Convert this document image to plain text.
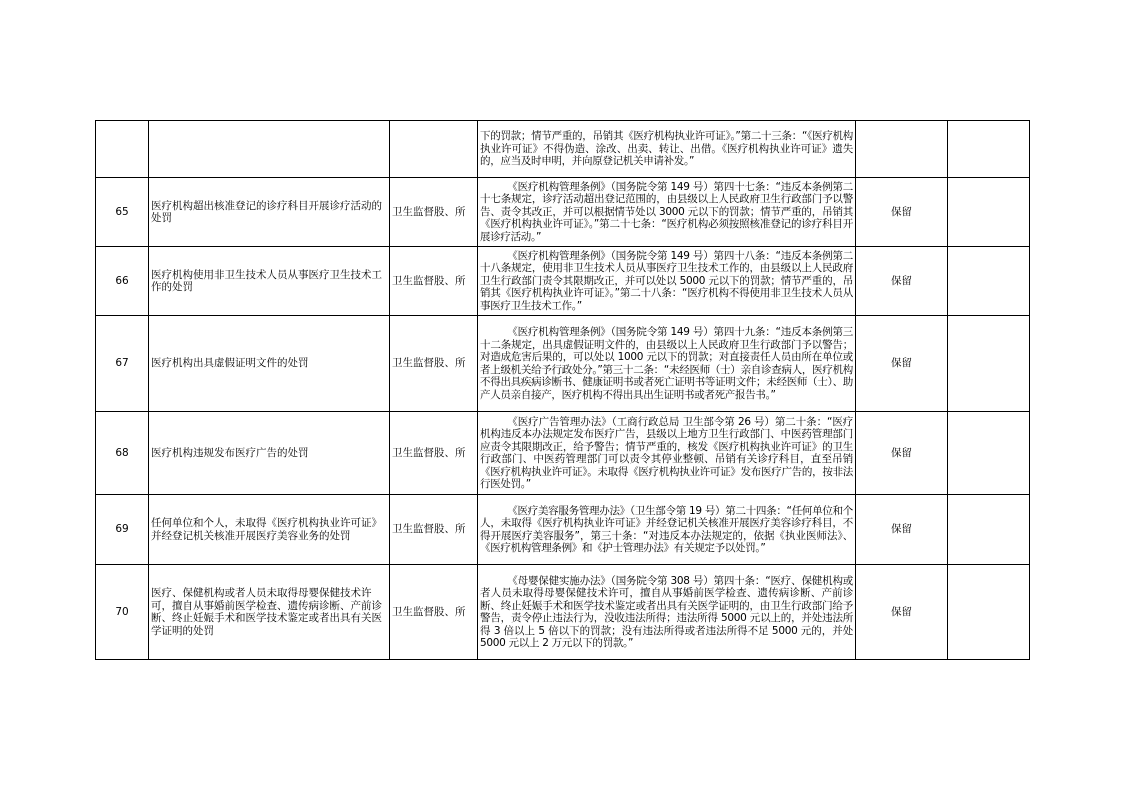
			下的罚款；情节严重的，吊销其《医疗机构执业许可证》。”第二十三条：“《医疗机构执业许可证》不得伪造、涂改、出卖、转让、出借。《医疗机构执业许可证》遗失的，应当及时申明，并向原登记机关申请补发。”		

65	医疗机构超出核准登记的诊疗科目开展诊疗活动的处罚	卫生监督股、所	《医疗机构管理条例》（国务院令第 149 号）第四十七条：“违反本条例第二十七条规定，诊疗活动超出登记范围的，由县级以上人民政府卫生行政部门予以警告、责令其改正，并可以根据情节处以 3000 元以下的罚款；情节严重的，吊销其《医疗机构执业许可证》。”第二十七条：“医疗机构必须按照核准登记的诊疗科目开展诊疗活动。”	保留	
66	医疗机构使用非卫生技术人员从事医疗卫生技术工作的处罚	卫生监督股、所	《医疗机构管理条例》（国务院令第 149 号）第四十八条：“违反本条例第二十八条规定，使用非卫生技术人员从事医疗卫生技术工作的，由县级以上人民政府卫生行政部门责令其限期改正，并可以处以 5000 元以下的罚款；情节严重的，吊销其《医疗机构执业许可证》。”第二十八条：“医疗机构不得使用非卫生技术人员从事医疗卫生技术工作。”	保留	
67	医疗机构出具虚假证明文件的处罚	卫生监督股、所	《医疗机构管理条例》（国务院令第 149 号）第四十九条：“违反本条例第三十二条规定，出具虚假证明文件的，由县级以上人民政府卫生行政部门予以警告；对造成危害后果的，可以处以 1000 元以下的罚款；对直接责任人员由所在单位或者上级机关给予行政处分。”第三十二条：“未经医师（士）亲自诊查病人，医疗机构不得出具疾病诊断书、健康证明书或者死亡证明书等证明文件；未经医师（士）、助产人员亲自接产，医疗机构不得出具出生证明书或者死产报告书。”	保留	
68	医疗机构违规发布医疗广告的处罚	卫生监督股、所	《医疗广告管理办法》（工商行政总局 卫生部令第 26 号）第二十条：“医疗机构违反本办法规定发布医疗广告，县级以上地方卫生行政部门、中医药管理部门应责令其限期改正，给予警告；情节严重的，核发《医疗机构执业许可证》的卫生行政部门、中医药管理部门可以责令其停业整顿、吊销有关诊疗科目，直至吊销《医疗机构执业许可证》。未取得《医疗机构执业许可证》发布医疗广告的，按非法行医处罚。”	保留	
69	任何单位和个人，未取得《医疗机构执业许可证》并经登记机关核准开展医疗美容业务的处罚	卫生监督股、所	《医疗美容服务管理办法》（卫生部令第 19 号）第二十四条：“任何单位和个人，未取得《医疗机构执业许可证》并经登记机关核准开展医疗美容诊疗科目，不得开展医疗美容服务”，第三十条：“对违反本办法规定的，依据《执业医师法》、《医疗机构管理条例》和《护士管理办法》有关规定予以处罚。”	保留	
70	医疗、保健机构或者人员未取得母婴保健技术许可，擅自从事婚前医学检查、遗传病诊断、产前诊断、终止妊娠手术和医学技术鉴定或者出具有关医学证明的处罚	卫生监督股、所	《母婴保健实施办法》（国务院令第 308 号）第四十条：“医疗、保健机构或者人员未取得母婴保健技术许可，擅自从事婚前医学检查、遗传病诊断、产前诊断、终止妊娠手术和医学技术鉴定或者出具有关医学证明的，由卫生行政部门给予警告，责令停止违法行为，没收违法所得；违法所得 5000 元以上的，并处违法所得 3 倍以上 5 倍以下的罚款；没有违法所得或者违法所得不足 5000 元的，并处 5000 元以上 2 万元以下的罚款。”	保留	
